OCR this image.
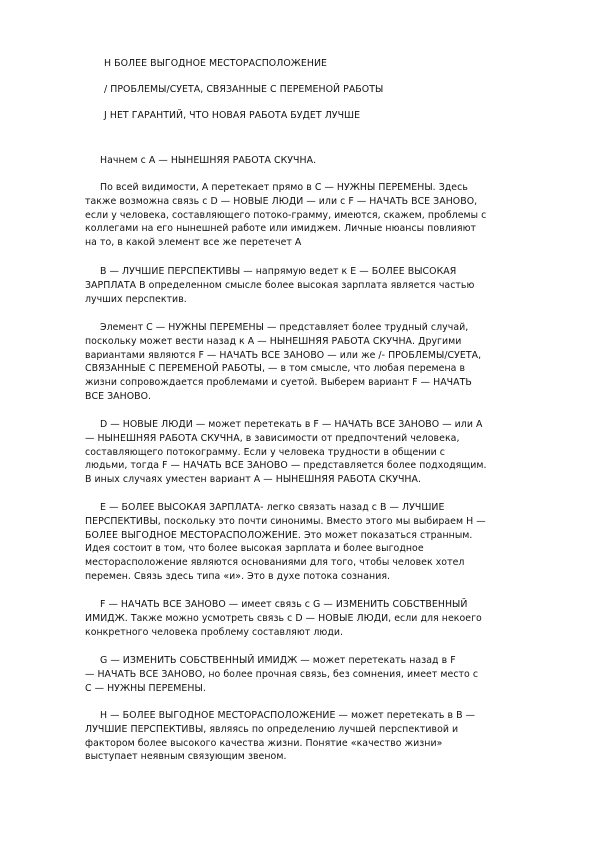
Н БОЛЕЕ ВЫГОДНОЕ МЕСТОРАСПОЛОЖЕНИЕ
/ ПРОБЛЕМЫ/СУЕТА, СВЯЗАННЫЕ С ПЕРЕМЕНОЙ РАБОТЫ
J НЕТ ГАРАНТИЙ, ЧТО НОВАЯ РАБОТА БУДЕТ ЛУЧШЕ
Начнем с А — НЫНЕШНЯЯ РАБОТА СКУЧНА.
По всей видимости, А перетекает прямо в С — НУЖНЫ ПЕРЕМЕНЫ. Здесь
также возможна связь с D — НОВЫЕ ЛЮДИ — или с F — НАЧАТЬ ВСЕ ЗАНОВО,
если у человека, составляющего потоко-грамму, имеются, скажем, проблемы с
коллегами на его нынешней работе или имиджем. Личные нюансы повлияют
на то, в какой элемент все же перетечет А
В — ЛУЧШИЕ ПЕРСПЕКТИВЫ — напрямую ведет к Е — БОЛЕЕ ВЫСОКАЯ
ЗАРПЛАТА В определенном смысле более высокая зарплата является частью
лучших перспектив.
Элемент С — НУЖНЫ ПЕРЕМЕНЫ — представляет более трудный случай,
поскольку может вести назад к А — НЫНЕШНЯЯ РАБОТА СКУЧНА. Другими
вариантами являются F — НАЧАТЬ ВСЕ ЗАНОВО — или же /- ПРОБЛЕМЫ/СУЕТА,
СВЯЗАННЫЕ С ПЕРЕМЕНОЙ РАБОТЫ, — в том смысле, что любая перемена в
жизни сопровождается проблемами и суетой. Выберем вариант F — НАЧАТЬ
ВСЕ ЗАНОВО.
D — НОВЫЕ ЛЮДИ — может перетекать в F — НАЧАТЬ ВСЕ ЗАНОВО — или А
— НЫНЕШНЯЯ РАБОТА СКУЧНА, в зависимости от предпочтений человека,
составляющего потокограмму. Если у человека трудности в общении с
людьми, тогда F — НАЧАТЬ ВСЕ ЗАНОВО — представляется более подходящим.
В иных случаях уместен вариант А — НЫНЕШНЯЯ РАБОТА СКУЧНА.
Е — БОЛЕЕ ВЫСОКАЯ ЗАРПЛАТА- легко связать назад с В — ЛУЧШИЕ
ПЕРСПЕКТИВЫ, поскольку это почти синонимы. Вместо этого мы выбираем Н —
БОЛЕЕ ВЫГОДНОЕ МЕСТОРАСПОЛОЖЕНИЕ. Это может показаться странным.
Идея состоит в том, что более высокая зарплата и более выгодное
месторасположение являются основаниями для того, чтобы человек хотел
перемен. Связь здесь типа «и». Это в духе потока сознания.
F — НАЧАТЬ ВСЕ ЗАНОВО — имеет связь с G — ИЗМЕНИТЬ СОБСТВЕННЫЙ
ИМИДЖ. Также можно усмотреть связь с D — НОВЫЕ ЛЮДИ, если для некоего
конкретного человека проблему составляют люди.
G — ИЗМЕНИТЬ СОБСТВЕННЫЙ ИМИДЖ — может перетекать назад в F
— НАЧАТЬ ВСЕ ЗАНОВО, но более прочная связь, без сомнения, имеет место с
С — НУЖНЫ ПЕРЕМЕНЫ.
Н — БОЛЕЕ ВЫГОДНОЕ МЕСТОРАСПОЛОЖЕНИЕ — может перетекать в В —
ЛУЧШИЕ ПЕРСПЕКТИВЫ, являясь по определению лучшей перспективой и
фактором более высокого качества жизни. Понятие «качество жизни»
выступает неявным связующим звеном.
